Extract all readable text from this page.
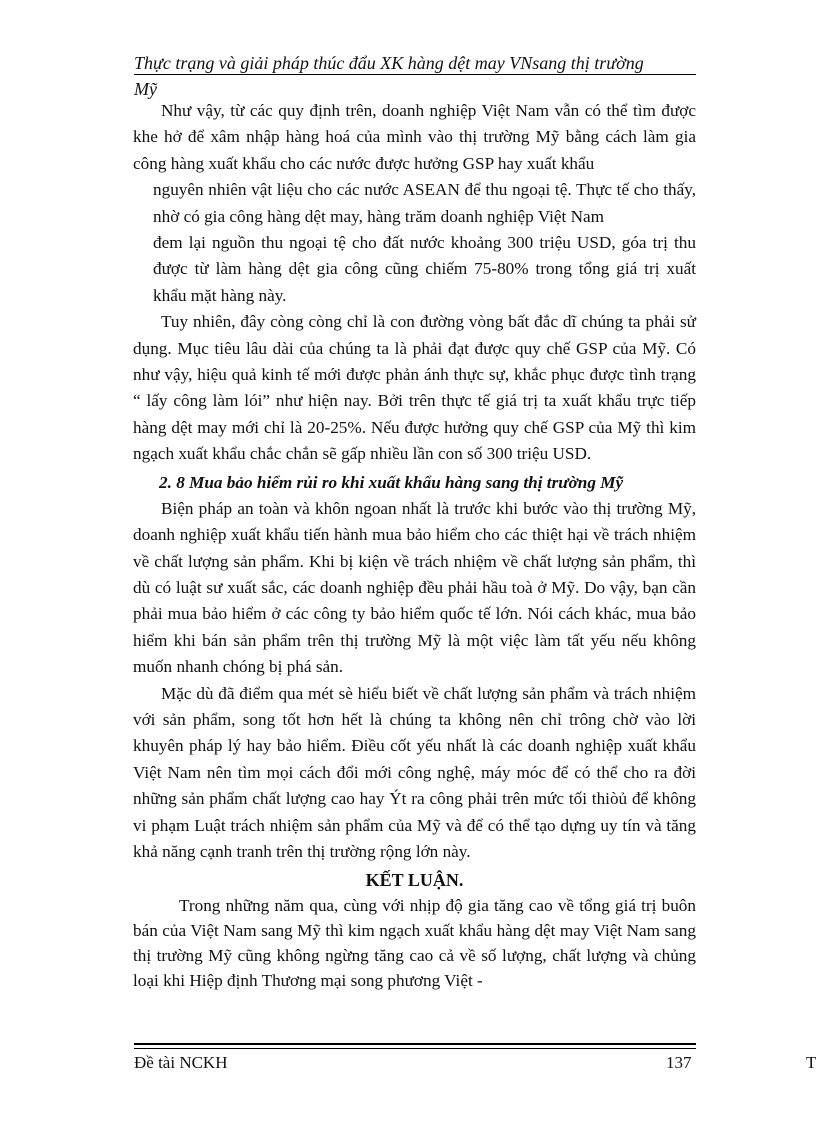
Thực trạng và giải pháp thúc đẩu XK hàng dệt may VNsang thị trường
Mỹ

Như vậy, từ các quy định trên, doanh nghiệp Việt Nam vẫn có thể tìm được khe hở để xâm nhập hàng hoá của mình vào thị trường Mỹ bằng cách làm gia công hàng xuất khẩu cho các nước được hưởng GSP hay xuất khẩu

nguyên nhiên vật liệu cho các nước ASEAN để thu ngoại tệ. Thực tế cho thấy, nhờ có gia công hàng dệt may, hàng trăm doanh nghiệp Việt Nam

đem lại nguồn thu ngoại tệ cho đất nước khoảng 300 triệu USD, góa trị thu được từ làm hàng dệt gia công cũng chiếm 75-80% trong tổng giá trị xuất khẩu mặt hàng này.

Tuy nhiên, đây còng còng chỉ là con đường vòng bất đắc dĩ chúng ta phải sử dụng. Mục tiêu lâu dài của chúng ta là phải đạt được quy chế GSP của Mỹ. Có như vậy, hiệu quả kinh tế mới được phản ánh thực sự, khắc phục được tình trạng “ lấy công làm lói” như hiện nay. Bởi trên thực tế giá trị ta xuất khẩu trực tiếp hàng dệt may mới chỉ là 20-25%. Nếu được hưởng quy chế GSP của Mỹ thì kim ngạch xuất khẩu chắc chắn sẽ gấp nhiều lần con số 300 triệu USD.

2. 8 Mua bảo hiểm rủi ro khi xuất khẩu hàng sang thị trường Mỹ

Biện pháp an toàn và khôn ngoan nhất là trước khi bước vào thị trường Mỹ, doanh nghiệp xuất khẩu tiến hành mua bảo hiểm cho các thiệt hại về trách nhiệm về chất lượng sản phẩm. Khi bị kiện về trách nhiệm về chất lượng sản phẩm, thì dù có luật sư xuất sắc, các doanh nghiệp đều phải hầu toà ở Mỹ. Do vậy, bạn cần phải mua bảo hiểm ở các công ty bảo hiểm quốc tế lớn. Nói cách khác, mua bảo hiểm khi bán sản phẩm trên thị trường Mỹ là một việc làm tất yếu nếu không muốn nhanh chóng bị phá sản.

Mặc dù đã điểm qua mét sè hiểu biết về chất lượng sản phẩm và trách nhiệm với sản phẩm, song tốt hơn hết là chúng ta không nên chỉ trông chờ vào lời khuyên pháp lý hay bảo hiểm. Điều cốt yếu nhất là các doanh nghiệp xuất khẩu Việt Nam nên tìm mọi cách đổi mới công nghệ, máy móc để có thể cho ra đời những sản phẩm chất lượng cao hay Ýt ra công phải trên mức tối thiòủ để không vi phạm Luật trách nhiệm sản phẩm của Mỹ và để có thể tạo dựng uy tín và tăng khả năng cạnh tranh trên thị trường rộng lớn này.

KẾT LUẬN.

Trong những năm qua, cùng với nhịp độ gia tăng cao về tổng giá trị buôn bán của Việt Nam sang Mỹ thì kim ngạch xuất khẩu hàng dệt may Việt Nam sang thị trường Mỹ cũng không ngừng tăng cao cả về số lượng, chất lượng và chủng loại khi Hiệp định Thương mại song phương Việt -

Đề tài NCKH	137	T
